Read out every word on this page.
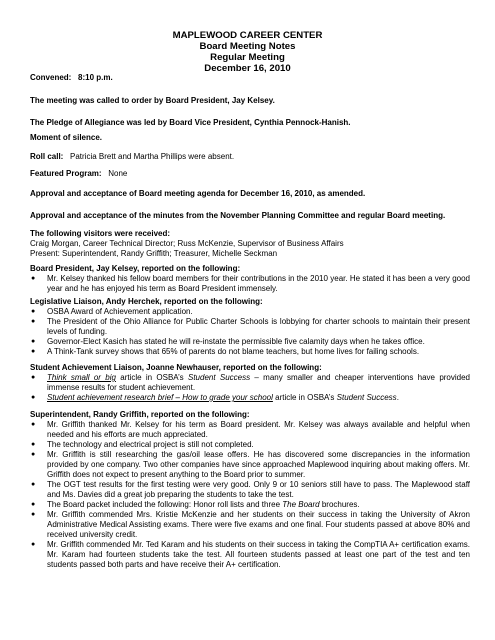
MAPLEWOOD CAREER CENTER
Board Meeting Notes
Regular Meeting
December 16, 2010
Convened: 8:10 p.m.
The meeting was called to order by Board President, Jay Kelsey.
The Pledge of Allegiance was led by Board Vice President, Cynthia Pennock-Hanish.
Moment of silence.
Roll call: Patricia Brett and Martha Phillips were absent.
Featured Program: None
Approval and acceptance of Board meeting agenda for December 16, 2010, as amended.
Approval and acceptance of the minutes from the November Planning Committee and regular Board meeting.
The following visitors were received:
Craig Morgan, Career Technical Director; Russ McKenzie, Supervisor of Business Affairs
Present: Superintendent, Randy Griffith; Treasurer, Michelle Seckman
Board President, Jay Kelsey, reported on the following:
● Mr. Kelsey thanked his fellow board members for their contributions in the 2010 year. He stated it has been a very good year and he has enjoyed his term as Board President immensely.
Legislative Liaison, Andy Herchek, reported on the following:
● OSBA Award of Achievement application.
● The President of the Ohio Alliance for Public Charter Schools is lobbying for charter schools to maintain their present levels of funding.
● Governor-Elect Kasich has stated he will re-instate the permissible five calamity days when he takes office.
● A Think-Tank survey shows that 65% of parents do not blame teachers, but home lives for failing schools.
Student Achievement Liaison, Joanne Newhauser, reported on the following:
● Think small or big article in OSBA’s Student Success – many smaller and cheaper interventions have provided immense results for student achievement.
● Student achievement research brief – How to grade your school article in OSBA’s Student Success.
Superintendent, Randy Griffith, reported on the following:
● Mr. Griffith thanked Mr. Kelsey for his term as Board president. Mr. Kelsey was always available and helpful when needed and his efforts are much appreciated.
● The technology and electrical project is still not completed.
● Mr. Griffith is still researching the gas/oil lease offers. He has discovered some discrepancies in the information provided by one company. Two other companies have since approached Maplewood inquiring about making offers. Mr. Griffith does not expect to present anything to the Board prior to summer.
● The OGT test results for the first testing were very good. Only 9 or 10 seniors still have to pass. The Maplewood staff and Ms. Davies did a great job preparing the students to take the test.
● The Board packet included the following: Honor roll lists and three The Board brochures.
● Mr. Griffith commended Mrs. Kristie McKenzie and her students on their success in taking the University of Akron Administrative Medical Assisting exams. There were five exams and one final. Four students passed at above 80% and received university credit.
● Mr. Griffith commended Mr. Ted Karam and his students on their success in taking the CompTIA A+ certification exams. Mr. Karam had fourteen students take the test. All fourteen students passed at least one part of the test and ten students passed both parts and have receive their A+ certification.
